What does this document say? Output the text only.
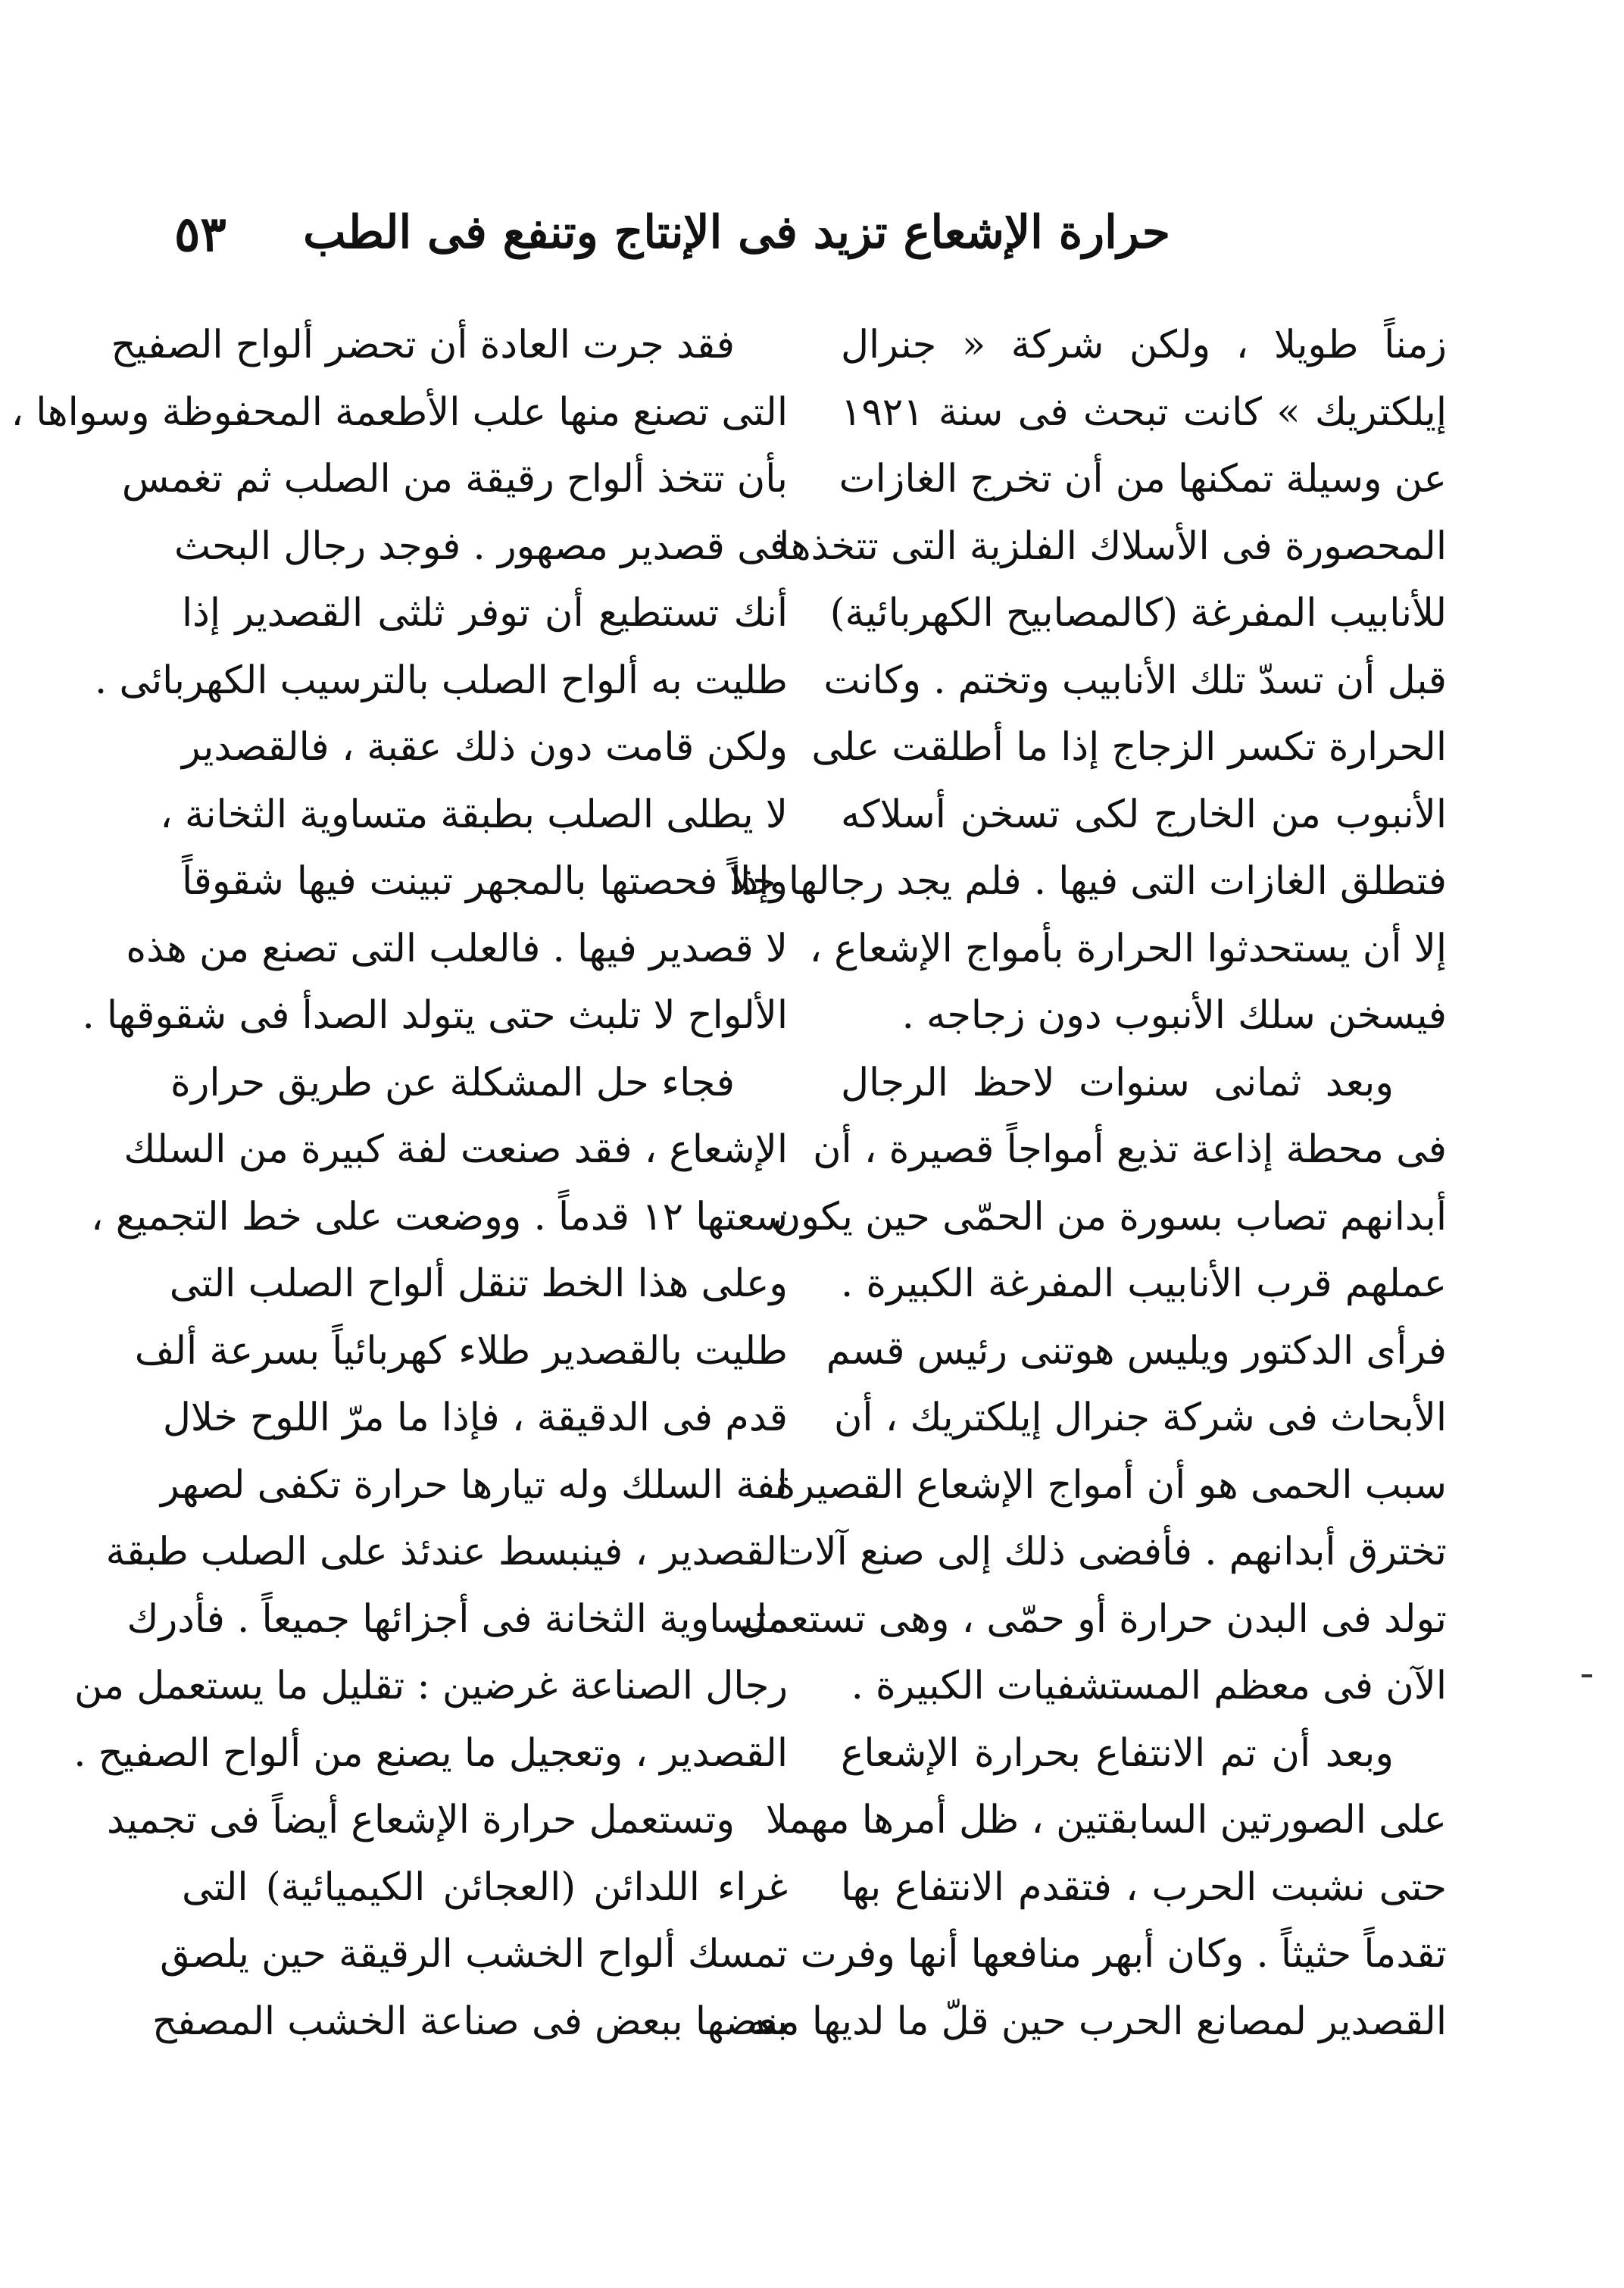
٥٣ حرارة الإشعاع تزيد فى الإنتاج وتنفع فى الطب
زمناً طويلا ، ولكن شركة « جنرال
إيلكتريك » كانت تبحث فى سنة ١٩٢١
عن وسيلة تمكنها من أن تخرج الغازات
المحصورة فى الأسلاك الفلزية التى تتخذها
للأنابيب المفرغة (كالمصابيح الكهربائية)
قبل أن تسدّ تلك الأنابيب وتختم . وكانت
الحرارة تكسر الزجاج إذا ما أطلقت على
الأنبوب من الخارج لكى تسخن أسلاكه
فتطلق الغازات التى فيها . فلم يجد رجالها حلاً
إلا أن يستحدثوا الحرارة بأمواج الإشعاع ،
فيسخن سلك الأنبوب دون زجاجه .
وبعد ثمانى سنوات لاحظ الرجال
فى محطة إذاعة تذيع أمواجاً قصيرة ، أن
أبدانهم تصاب بسورة من الحمّى حين يكون
عملهم قرب الأنابيب المفرغة الكبيرة .
فرأى الدكتور ويليس هوتنى رئيس قسم
الأبحاث فى شركة جنرال إيلكتريك ، أن
سبب الحمى هو أن أمواج الإشعاع القصيرة
تخترق أبدانهم . فأفضى ذلك إلى صنع آلات
تولد فى البدن حرارة أو حمّى ، وهى تستعمل
الآن فى معظم المستشفيات الكبيرة .
وبعد أن تم الانتفاع بحرارة الإشعاع
على الصورتين السابقتين ، ظل أمرها مهملا
حتى نشبت الحرب ، فتقدم الانتفاع بها
تقدماً حثيثاً . وكان أبهر منافعها أنها وفرت
القصدير لمصانع الحرب حين قلّ ما لديها منه .
فقد جرت العادة أن تحضر ألواح الصفيح
التى تصنع منها علب الأطعمة المحفوظة وسواها ،
بأن تتخذ ألواح رقيقة من الصلب ثم تغمس
فى قصدير مصهور . فوجد رجال البحث
أنك تستطيع أن توفر ثلثى القصدير إذا
طليت به ألواح الصلب بالترسيب الكهربائى .
ولكن قامت دون ذلك عقبة ، فالقصدير
لا يطلى الصلب بطبقة متساوية الثخانة ،
وإذا فحصتها بالمجهر تبينت فيها شقوقاً
لا قصدير فيها . فالعلب التى تصنع من هذه
الألواح لا تلبث حتى يتولد الصدأ فى شقوقها .
فجاء حل المشكلة عن طريق حرارة
الإشعاع ، فقد صنعت لفة كبيرة من السلك
سعتها ١٢ قدماً . ووضعت على خط التجميع ،
وعلى هذا الخط تنقل ألواح الصلب التى
طليت بالقصدير طلاء كهربائياً بسرعة ألف
قدم فى الدقيقة ، فإذا ما مرّ اللوح خلال
لفة السلك وله تيارها حرارة تكفى لصهر
القصدير ، فينبسط عندئذ على الصلب طبقة
متساوية الثخانة فى أجزائها جميعاً . فأدرك
رجال الصناعة غرضين : تقليل ما يستعمل من
القصدير ، وتعجيل ما يصنع من ألواح الصفيح .
وتستعمل حرارة الإشعاع أيضاً فى تجميد
غراء اللدائن (العجائن الكيميائية) التى
تمسك ألواح الخشب الرقيقة حين يلصق
بعضها ببعض فى صناعة الخشب المصفح
